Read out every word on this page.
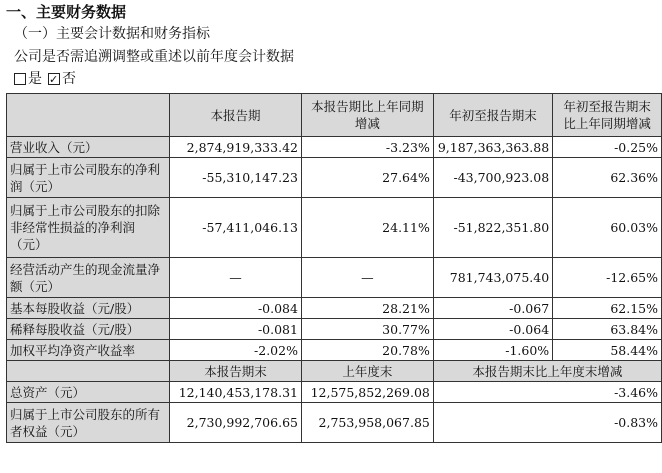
一、主要财务数据
（一）主要会计数据和财务指标
公司是否需追溯调整或重述以前年度会计数据
是 ✓ 否
	本报告期	本报告期比上年同期增减	年初至报告期末	年初至报告期末比上年同期增减
营业收入（元）	2,874,919,333.42	-3.23%	9,187,363,363.88	-0.25%
归属于上市公司股东的净利润（元）	-55,310,147.23	27.64%	-43,700,923.08	62.36%
归属于上市公司股东的扣除非经常性损益的净利润（元）	-57,411,046.13	24.11%	-51,822,351.80	60.03%
经营活动产生的现金流量净额（元）	—	—	781,743,075.40	-12.65%
基本每股收益（元/股）	-0.084	28.21%	-0.067	62.15%
稀释每股收益（元/股）	-0.081	30.77%	-0.064	63.84%
加权平均净资产收益率	-2.02%	20.78%	-1.60%	58.44%
	本报告期末	上年度末	本报告期末比上年度末增减	
总资产（元）	12,140,453,178.31	12,575,852,269.08	-3.46%	
归属于上市公司股东的所有者权益（元）	2,730,992,706.65	2,753,958,067.85	-0.83%	
